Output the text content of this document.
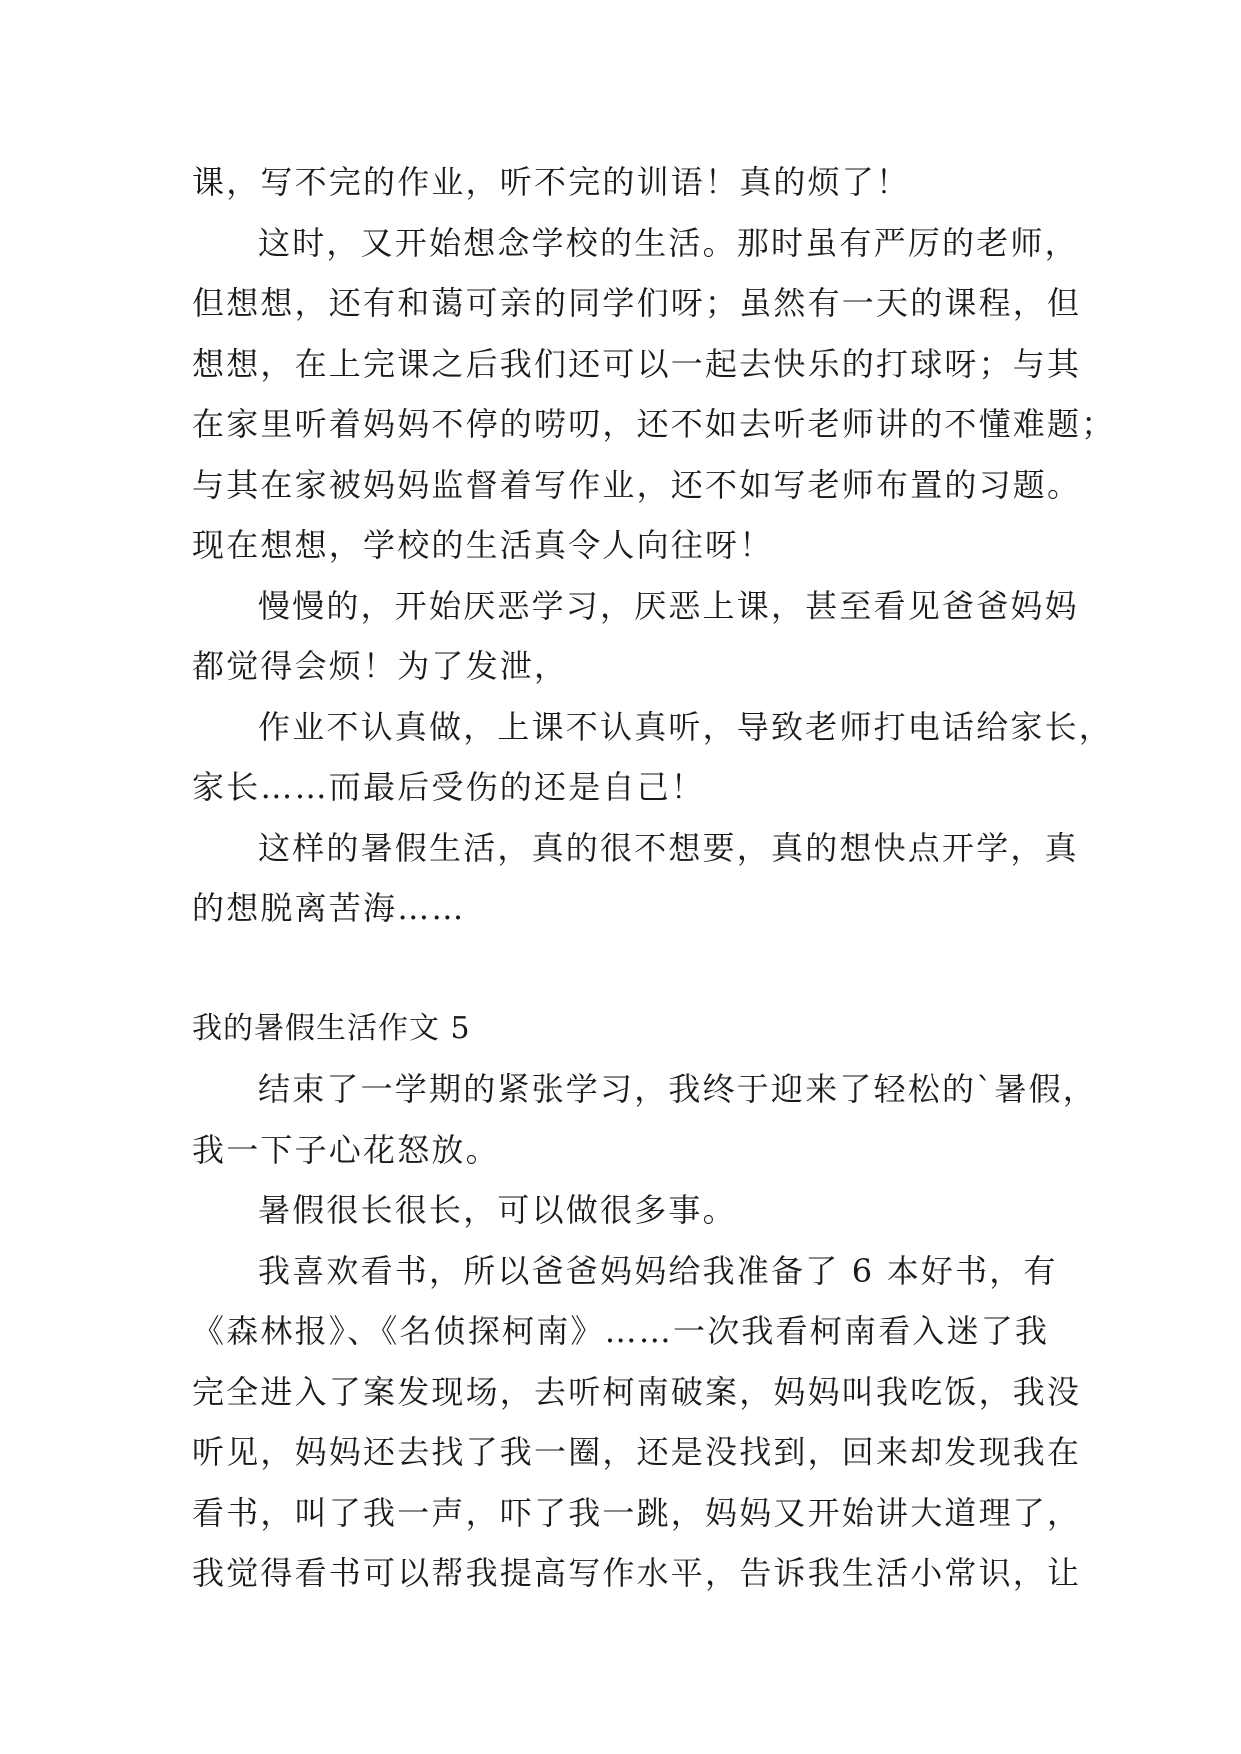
课，写不完的作业，听不完的训语！真的烦了！
这时，又开始想念学校的生活。那时虽有严厉的老师，
但想想，还有和蔼可亲的同学们呀；虽然有一天的课程，但
想想，在上完课之后我们还可以一起去快乐的打球呀；与其
在家里听着妈妈不停的唠叨，还不如去听老师讲的不懂难题；
与其在家被妈妈监督着写作业，还不如写老师布置的习题。
现在想想，学校的生活真令人向往呀！
慢慢的，开始厌恶学习，厌恶上课，甚至看见爸爸妈妈
都觉得会烦！为了发泄，
作业不认真做，上课不认真听，导致老师打电话给家长，
家长……而最后受伤的还是自己！
这样的暑假生活，真的很不想要，真的想快点开学，真
的想脱离苦海……
我的暑假生活作文 5
结束了一学期的紧张学习，我终于迎来了轻松的`暑假，
我一下子心花怒放。
暑假很长很长，可以做很多事。
我喜欢看书，所以爸爸妈妈给我准备了 6 本好书，有
《森林报》、《名侦探柯南》……一次我看柯南看入迷了我
完全进入了案发现场，去听柯南破案，妈妈叫我吃饭，我没
听见，妈妈还去找了我一圈，还是没找到，回来却发现我在
看书，叫了我一声，吓了我一跳，妈妈又开始讲大道理了，
我觉得看书可以帮我提高写作水平，告诉我生活小常识，让
